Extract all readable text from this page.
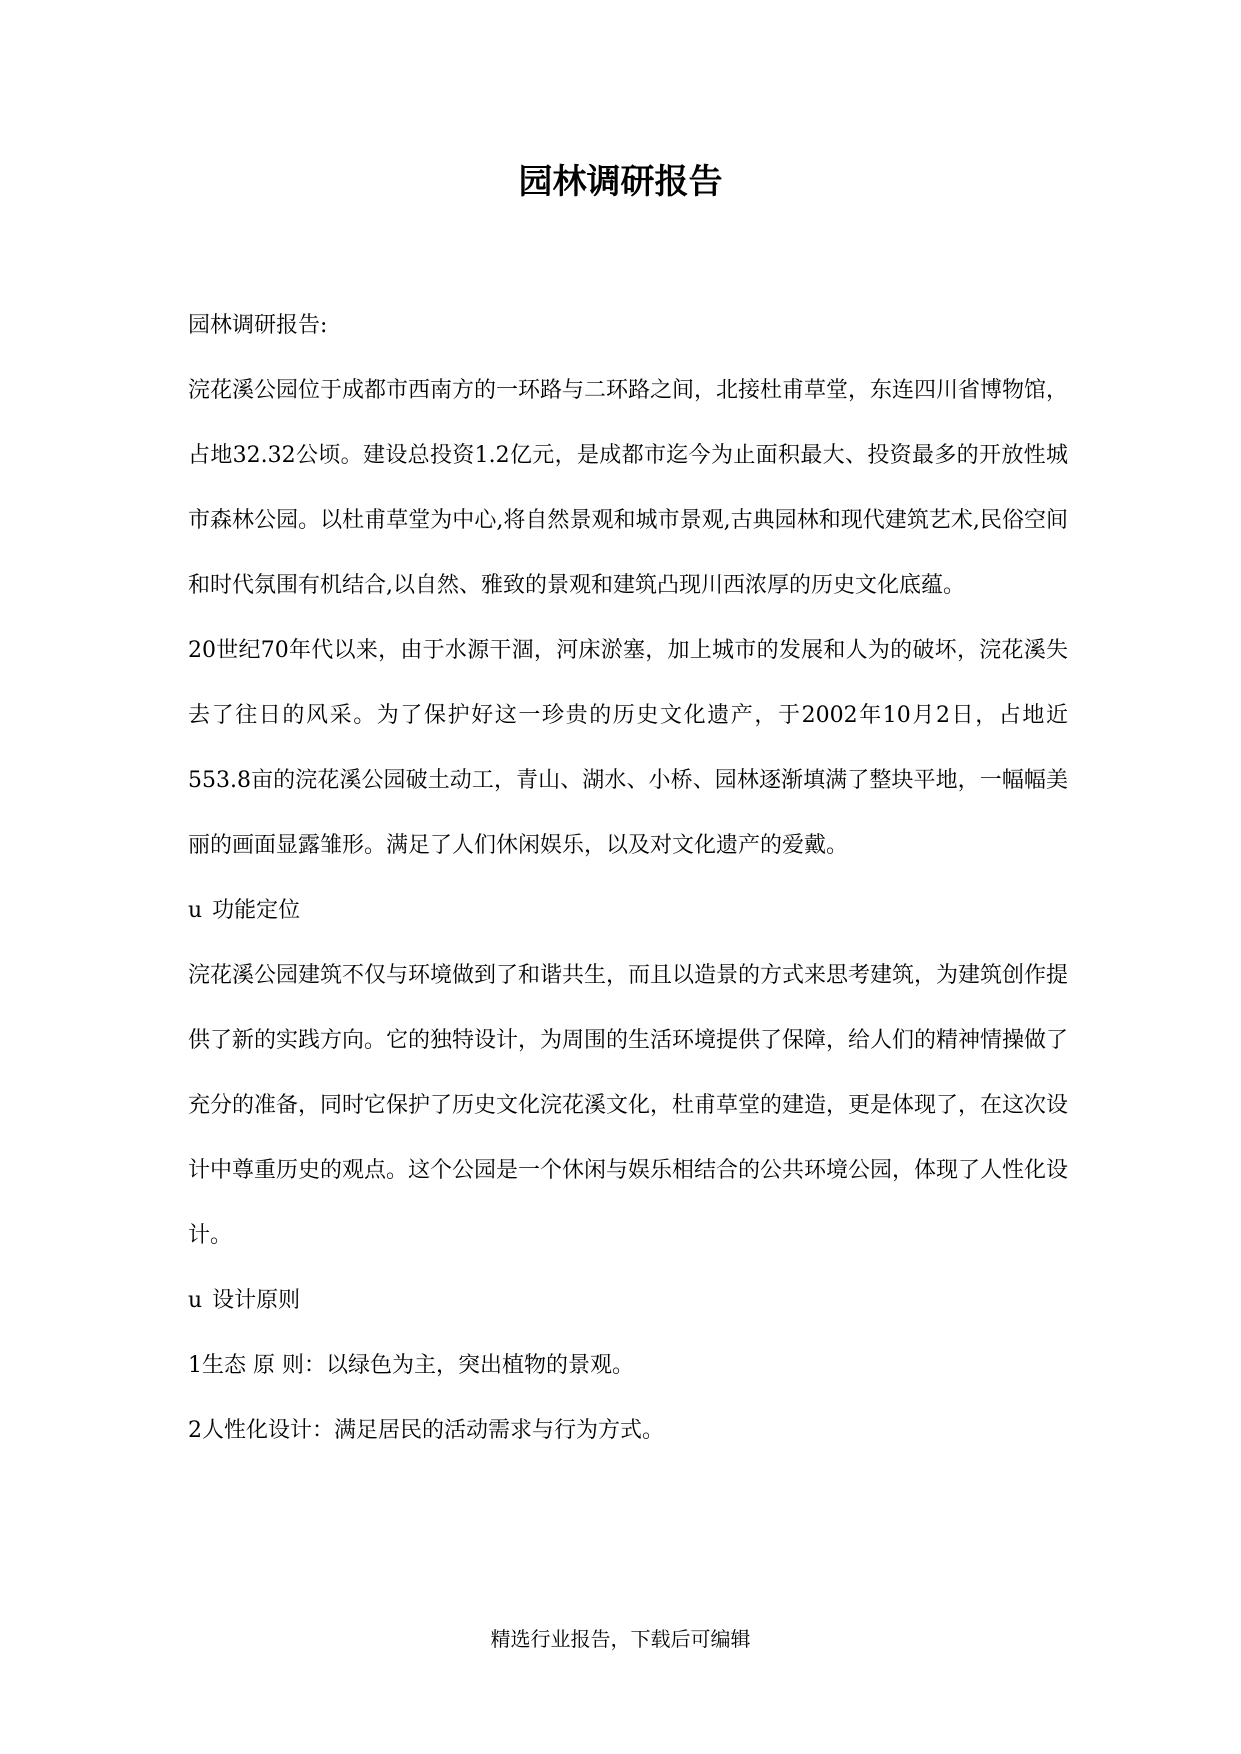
园林调研报告

园林调研报告:

浣花溪公园位于成都市西南方的一环路与二环路之间，北接杜甫草堂，东连四川省博物馆，占地32.32公顷。建设总投资1.2亿元，是成都市迄今为止面积最大、投资最多的开放性城市森林公园。以杜甫草堂为中心,将自然景观和城市景观,古典园林和现代建筑艺术,民俗空间和时代氛围有机结合,以自然、雅致的景观和建筑凸现川西浓厚的历史文化底蕴。

20世纪70年代以来，由于水源干涸，河床淤塞，加上城市的发展和人为的破坏，浣花溪失去了往日的风采。为了保护好这一珍贵的历史文化遗产，于2002年10月2日，占地近553.8亩的浣花溪公园破土动工，青山、湖水、小桥、园林逐渐填满了整块平地，一幅幅美丽的画面显露雏形。满足了人们休闲娱乐，以及对文化遗产的爱戴。

u 功能定位

浣花溪公园建筑不仅与环境做到了和谐共生，而且以造景的方式来思考建筑，为建筑创作提供了新的实践方向。它的独特设计，为周围的生活环境提供了保障，给人们的精神情操做了充分的准备，同时它保护了历史文化浣花溪文化，杜甫草堂的建造，更是体现了，在这次设计中尊重历史的观点。这个公园是一个休闲与娱乐相结合的公共环境公园，体现了人性化设计。

u 设计原则

1生态 原 则：以绿色为主，突出植物的景观。

2人性化设计：满足居民的活动需求与行为方式。

精选行业报告，下载后可编辑
